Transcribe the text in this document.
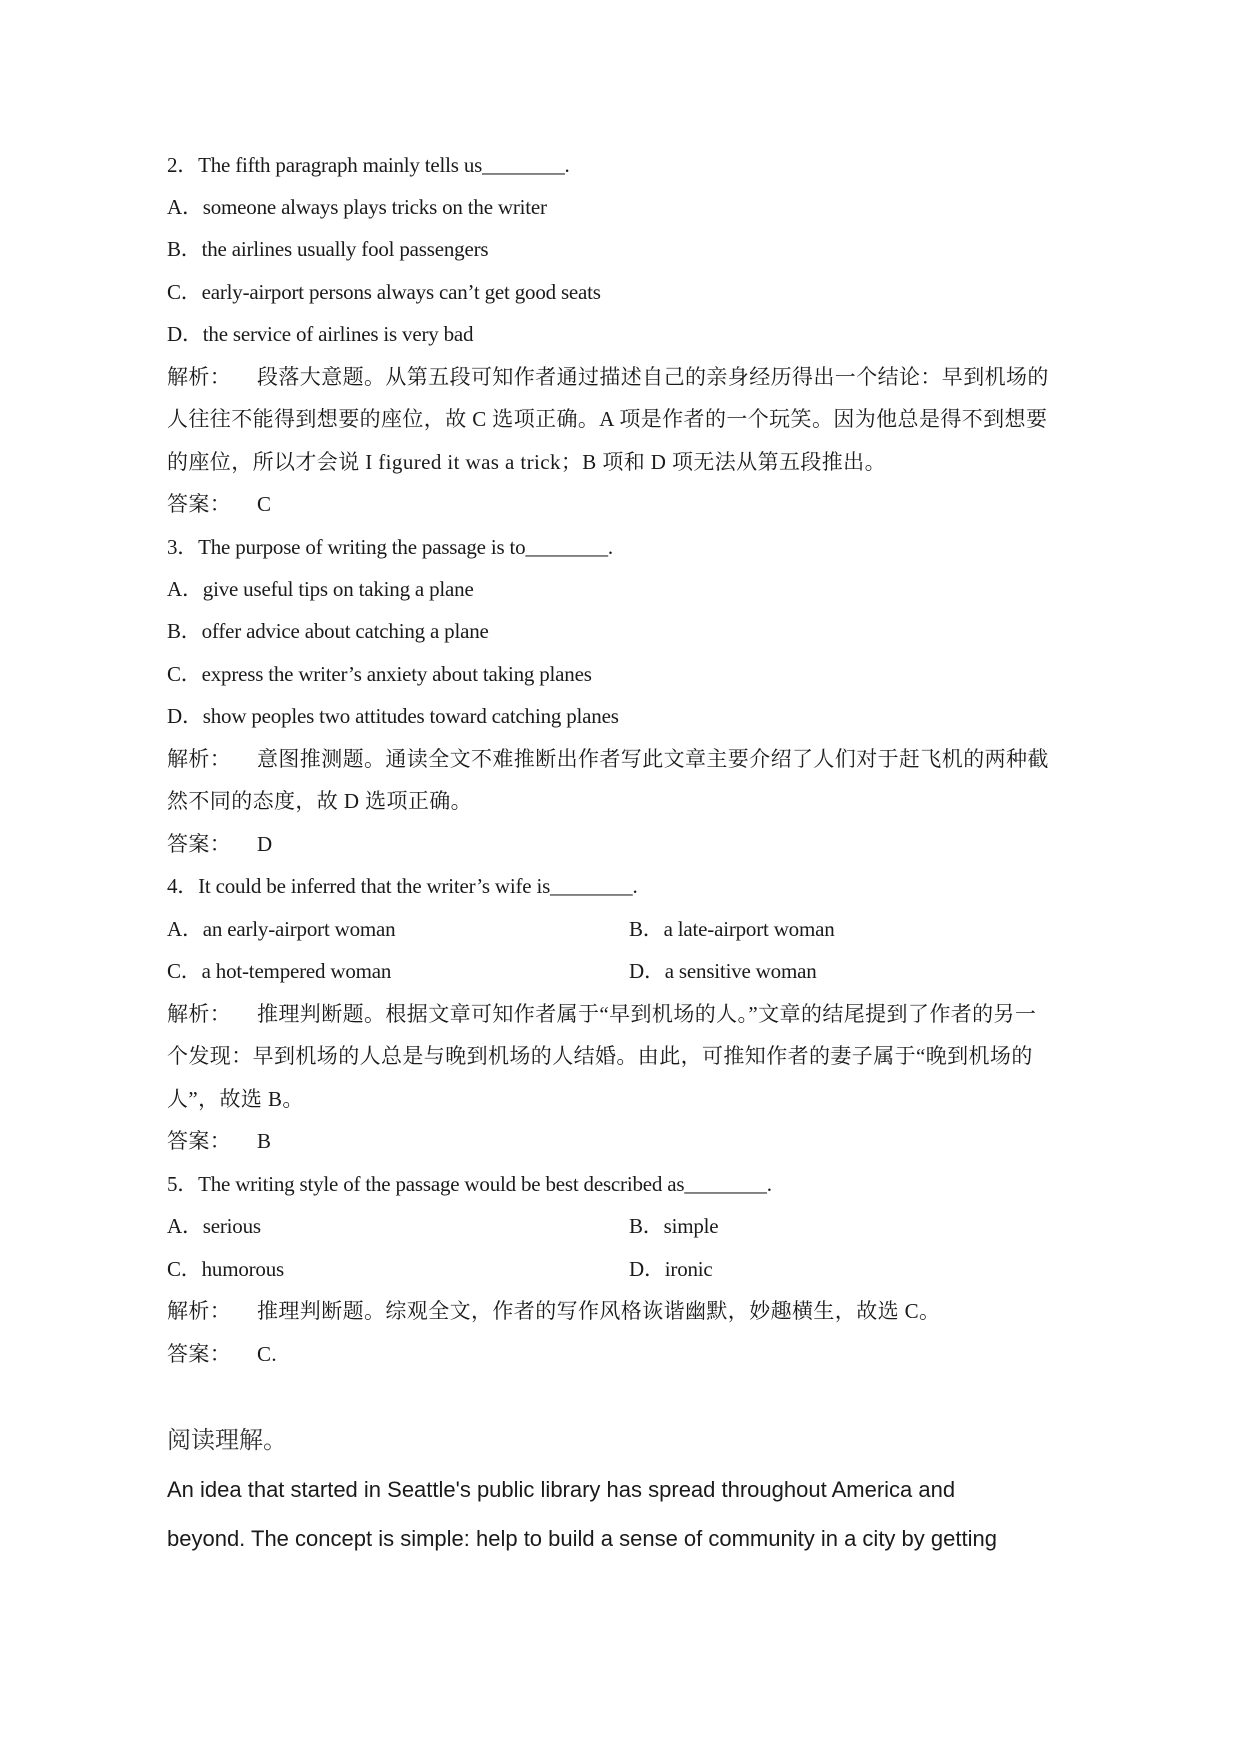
2．The fifth paragraph mainly tells us________.
A．someone always plays tricks on the writer
B．the airlines usually fool passengers
C．early-airport persons always can’t get good seats
D．the service of airlines is very bad
解析： 段落大意题。从第五段可知作者通过描述自己的亲身经历得出一个结论：早到机场的
人往往不能得到想要的座位，故 C 选项正确。A 项是作者的一个玩笑。因为他总是得不到想要
的座位，所以才会说 I figured it was a trick；B 项和 D 项无法从第五段推出。
答案： C
3．The purpose of writing the passage is to________.
A．give useful tips on taking a plane
B．offer advice about catching a plane
C．express the writer’s anxiety about taking planes
D．show peoples two attitudes toward catching planes
解析： 意图推测题。通读全文不难推断出作者写此文章主要介绍了人们对于赶飞机的两种截
然不同的态度，故 D 选项正确。
答案： D
4．It could be inferred that the writer’s wife is________.
A．an early-airport woman	B．a late-airport woman
C．a hot-tempered woman	D．a sensitive woman
解析： 推理判断题。根据文章可知作者属于“早到机场的人。”文章的结尾提到了作者的另一
个发现：早到机场的人总是与晚到机场的人结婚。由此，可推知作者的妻子属于“晚到机场的
人”，故选 B。
答案： B
5．The writing style of the passage would be best described as________.
A．serious	B．simple
C．humorous	D．ironic
解析： 推理判断题。综观全文，作者的写作风格诙谐幽默，妙趣横生，故选 C。
答案： C.
阅读理解。
An idea that started in Seattle's public library has spread throughout America and
beyond. The concept is simple: help to build a sense of community in a city by getting
